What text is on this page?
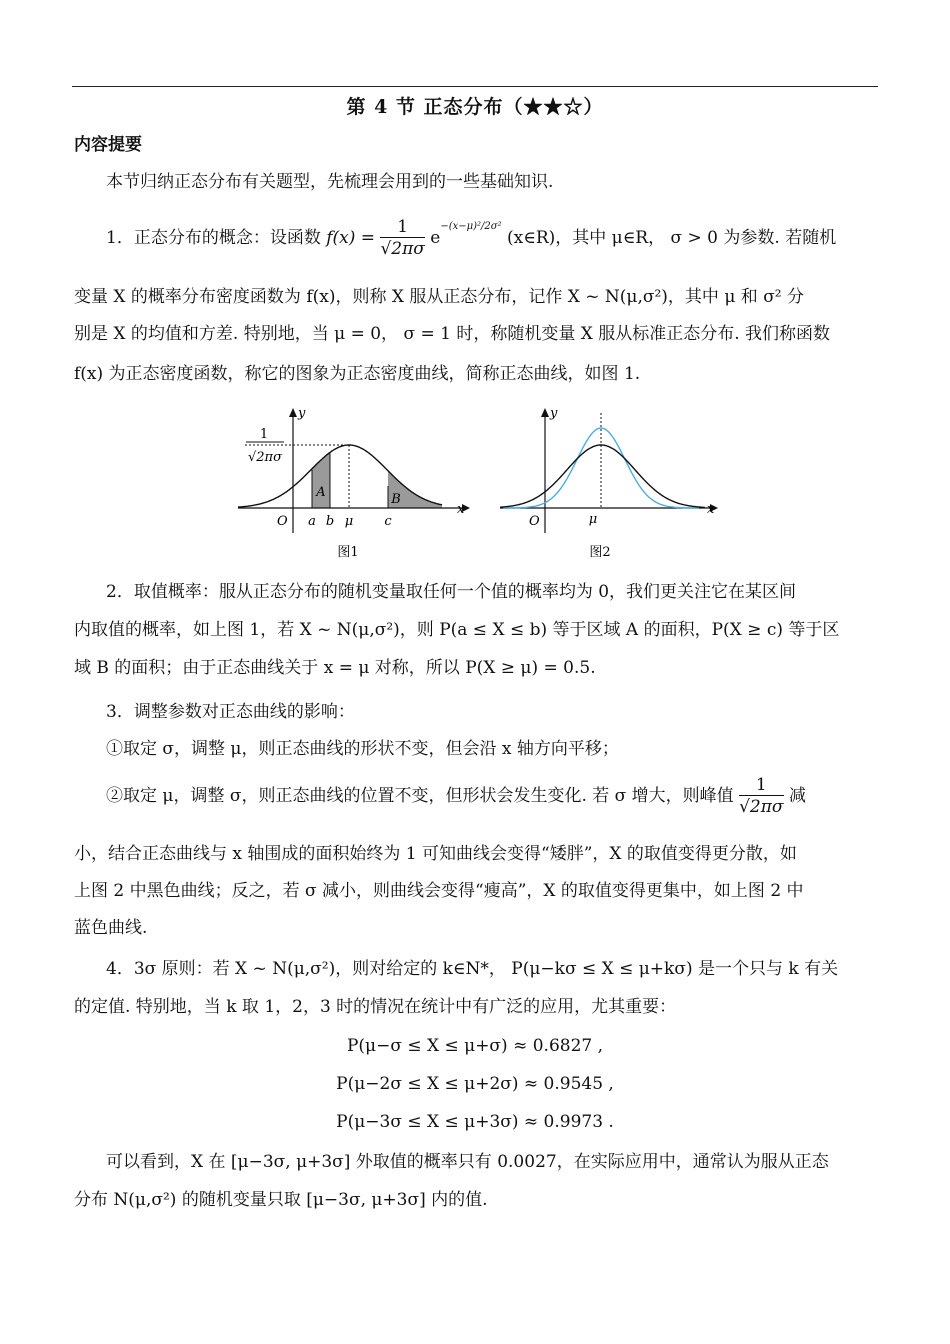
第 4 节 正态分布（★★☆）
内容提要
本节归纳正态分布有关题型，先梳理会用到的一些基础知识.
1．正态分布的概念：设函数 $f(x) = \frac{1}{√2\pi\sigma} e^{-(x-\mu)^2/2\sigma^2}$ (x∈R)，其中 μ∈R， σ > 0 为参数. 若随机
变量 X 的概率分布密度函数为 f(x)，则称 X 服从正态分布，记作 X ~ N(μ,σ²)，其中 μ 和 σ² 分
别是 X 的均值和方差. 特别地，当 μ = 0， σ = 1 时，称随机变量 X 服从标准正态分布. 我们称函数
f(x) 为正态密度函数，称它的图象为正态密度曲线，简称正态曲线，如图 1.
1
√2πσ
y
x
O a b μ c
A	B
图1
y
x
O	μ
图2
2．取值概率：服从正态分布的随机变量取任何一个值的概率均为 0，我们更关注它在某区间
内取值的概率，如上图 1，若 X ~ N(μ,σ²)，则 P(a ≤ X ≤ b) 等于区域 A 的面积，P(X ≥ c) 等于区
域 B 的面积；由于正态曲线关于 x = μ 对称，所以 P(X ≥ μ) = 0.5.
3．调整参数对正态曲线的影响：
①取定 σ，调整 μ，则正态曲线的形状不变，但会沿 x 轴方向平移；
②取定 μ，调整 σ，则正态曲线的位置不变，但形状会发生变化. 若 σ 增大，则峰值 $\frac{1}{√2\pi\sigma}$ 减
小，结合正态曲线与 x 轴围成的面积始终为 1 可知曲线会变得“矮胖”，X 的取值变得更分散，如
上图 2 中黑色曲线；反之，若 σ 减小，则曲线会变得“瘦高”，X 的取值变得更集中，如上图 2 中
蓝色曲线.
4．3σ 原则：若 X ~ N(μ,σ²)，则对给定的 k∈N*， P(μ−kσ ≤ X ≤ μ+kσ) 是一个只与 k 有关
的定值. 特别地，当 k 取 1，2，3 时的情况在统计中有广泛的应用，尤其重要：
P(μ−σ ≤ X ≤ μ+σ) ≈ 0.6827 ,
P(μ−2σ ≤ X ≤ μ+2σ) ≈ 0.9545 ,
P(μ−3σ ≤ X ≤ μ+3σ) ≈ 0.9973 .
可以看到，X 在 [μ−3σ, μ+3σ] 外取值的概率只有 0.0027，在实际应用中，通常认为服从正态
分布 N(μ,σ²) 的随机变量只取 [μ−3σ, μ+3σ] 内的值.
